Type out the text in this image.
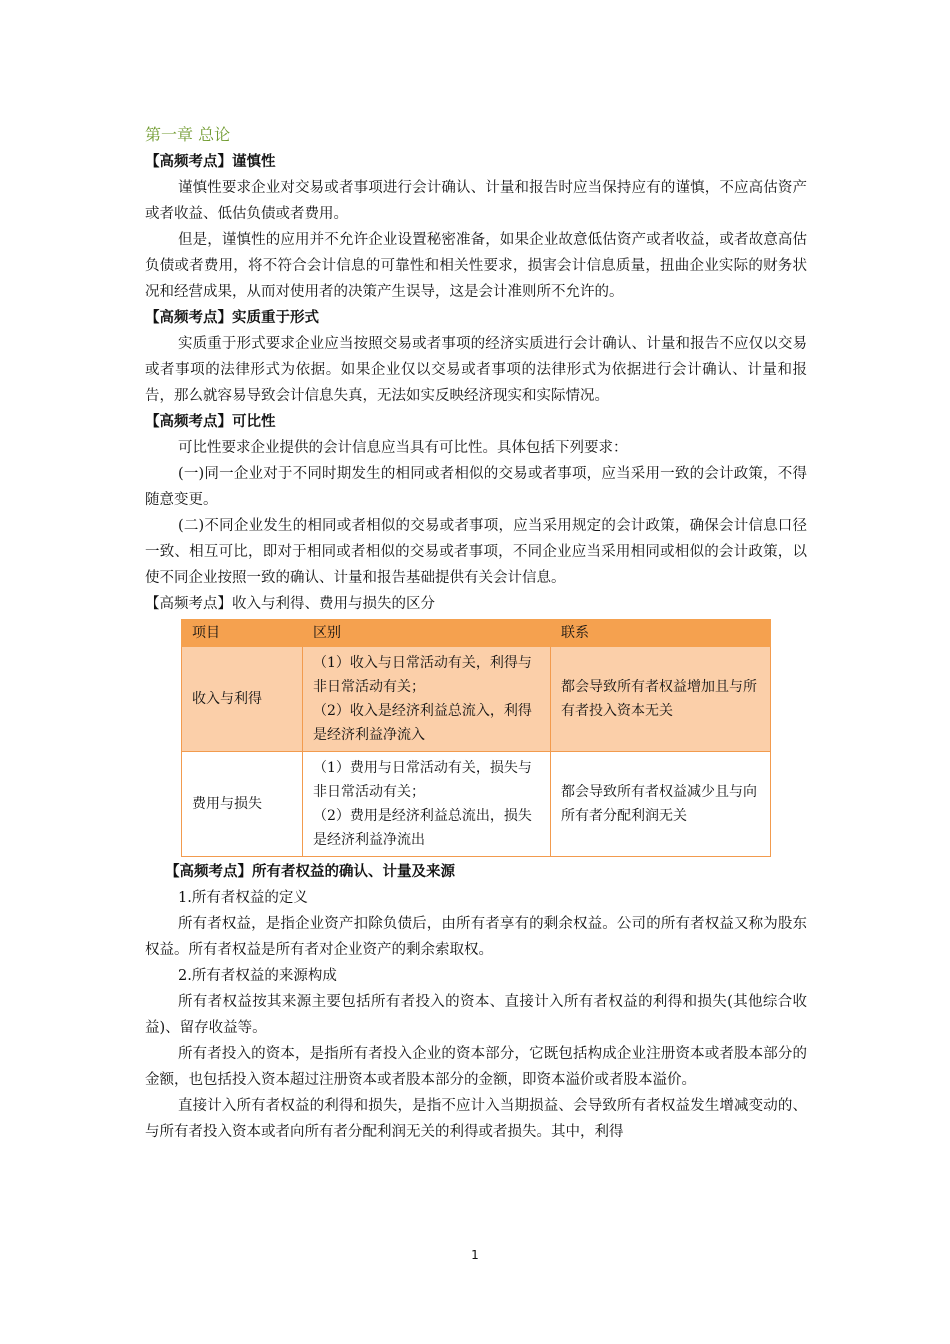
第一章 总论
【高频考点】谨慎性

谨慎性要求企业对交易或者事项进行会计确认、计量和报告时应当保持应有的谨慎，不应高估资产或者收益、低估负债或者费用。

但是，谨慎性的应用并不允许企业设置秘密准备，如果企业故意低估资产或者收益，或者故意高估负债或者费用，将不符合会计信息的可靠性和相关性要求，损害会计信息质量，扭曲企业实际的财务状况和经营成果，从而对使用者的决策产生误导，这是会计准则所不允许的。

【高频考点】实质重于形式

实质重于形式要求企业应当按照交易或者事项的经济实质进行会计确认、计量和报告不应仅以交易或者事项的法律形式为依据。如果企业仅以交易或者事项的法律形式为依据进行会计确认、计量和报告，那么就容易导致会计信息失真，无法如实反映经济现实和实际情况。

【高频考点】可比性

可比性要求企业提供的会计信息应当具有可比性。具体包括下列要求：

(一)同一企业对于不同时期发生的相同或者相似的交易或者事项，应当采用一致的会计政策，不得随意变更。

(二)不同企业发生的相同或者相似的交易或者事项，应当采用规定的会计政策，确保会计信息口径一致、相互可比，即对于相同或者相似的交易或者事项，不同企业应当采用相同或相似的会计政策，以使不同企业按照一致的确认、计量和报告基础提供有关会计信息。

【高频考点】收入与利得、费用与损失的区分
项目	区别	联系
收入与利得	（1）收入与日常活动有关，利得与非日常活动有关；
（2）收入是经济利益总流入，利得是经济利益净流入	都会导致所有者权益增加且与所有者投入资本无关
费用与损失	（1）费用与日常活动有关，损失与非日常活动有关；
（2）费用是经济利益总流出，损失是经济利益净流出	都会导致所有者权益减少且与向所有者分配利润无关
【高频考点】所有者权益的确认、计量及来源
1.所有者权益的定义

所有者权益，是指企业资产扣除负债后，由所有者享有的剩余权益。公司的所有者权益又称为股东权益。所有者权益是所有者对企业资产的剩余索取权。

2.所有者权益的来源构成

所有者权益按其来源主要包括所有者投入的资本、直接计入所有者权益的利得和损失(其他综合收益)、留存收益等。

所有者投入的资本，是指所有者投入企业的资本部分，它既包括构成企业注册资本或者股本部分的金额，也包括投入资本超过注册资本或者股本部分的金额，即资本溢价或者股本溢价。

直接计入所有者权益的利得和损失，是指不应计入当期损益、会导致所有者权益发生增减变动的、与所有者投入资本或者向所有者分配利润无关的利得或者损失。其中，利得

1
